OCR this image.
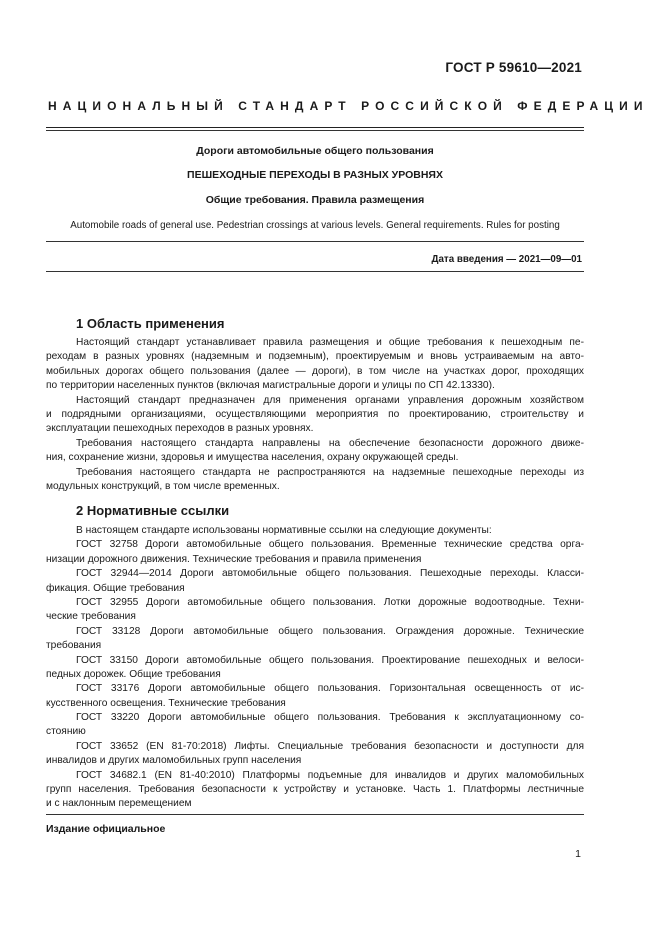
ГОСТ Р 59610—2021
НАЦИОНАЛЬНЫЙ СТАНДАРТ РОССИЙСКОЙ ФЕДЕРАЦИИ
Дороги автомобильные общего пользования
ПЕШЕХОДНЫЕ ПЕРЕХОДЫ В РАЗНЫХ УРОВНЯХ
Общие требования. Правила размещения
Automobile roads of general use. Pedestrian crossings at various levels. General requirements. Rules for posting
Дата введения — 2021—09—01
1 Область применения
Настоящий стандарт устанавливает правила размещения и общие требования к пешеходным пе-
реходам в разных уровнях (надземным и подземным), проектируемым и вновь устраиваемым на авто-
мобильных дорогах общего пользования (далее — дороги), в том числе на участках дорог, проходящих
по территории населенных пунктов (включая магистральные дороги и улицы по СП 42.13330).
Настоящий стандарт предназначен для применения органами управления дорожным хозяйством
и подрядными организациями, осуществляющими мероприятия по проектированию, строительству и
эксплуатации пешеходных переходов в разных уровнях.
Требования настоящего стандарта направлены на обеспечение безопасности дорожного движе-
ния, сохранение жизни, здоровья и имущества населения, охрану окружающей среды.
Требования настоящего стандарта не распространяются на надземные пешеходные переходы из
модульных конструкций, в том числе временных.
2 Нормативные ссылки
В настоящем стандарте использованы нормативные ссылки на следующие документы:
ГОСТ 32758 Дороги автомобильные общего пользования. Временные технические средства орга-
низации дорожного движения. Технические требования и правила применения
ГОСТ 32944—2014 Дороги автомобильные общего пользования. Пешеходные переходы. Класси-
фикация. Общие требования
ГОСТ 32955 Дороги автомобильные общего пользования. Лотки дорожные водоотводные. Техни-
ческие требования
ГОСТ 33128 Дороги автомобильные общего пользования. Ограждения дорожные. Технические
требования
ГОСТ 33150 Дороги автомобильные общего пользования. Проектирование пешеходных и велоси-
педных дорожек. Общие требования
ГОСТ 33176 Дороги автомобильные общего пользования. Горизонтальная освещенность от ис-
кусственного освещения. Технические требования
ГОСТ 33220 Дороги автомобильные общего пользования. Требования к эксплуатационному со-
стоянию
ГОСТ 33652 (EN 81-70:2018) Лифты. Специальные требования безопасности и доступности для
инвалидов и других маломобильных групп населения
ГОСТ 34682.1 (EN 81-40:2010) Платформы подъемные для инвалидов и других маломобильных
групп населения. Требования безопасности к устройству и установке. Часть 1. Платформы лестничные
и с наклонным перемещением
Издание официальное
1
